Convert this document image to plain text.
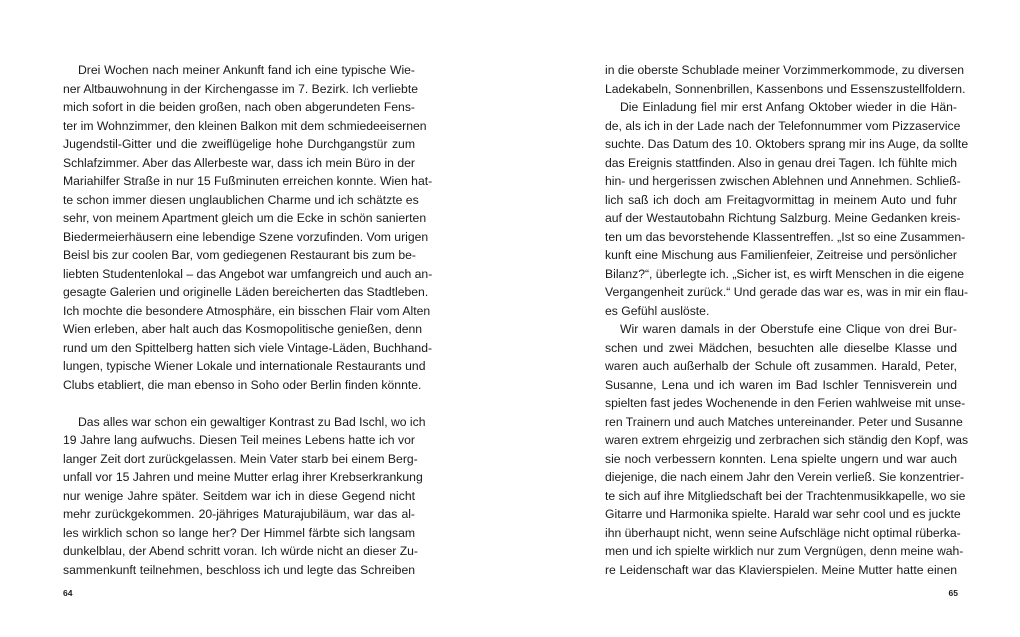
Drei Wochen nach meiner Ankunft fand ich eine typische Wie-
ner Altbauwohnung in der Kirchengasse im 7. Bezirk. Ich verliebte
mich sofort in die beiden großen, nach oben abgerundeten Fens-
ter im Wohnzimmer, den kleinen Balkon mit dem schmiedeeisernen
Jugendstil-Gitter und die zweiflügelige hohe Durchgangstür zum
Schlafzimmer. Aber das Allerbeste war, dass ich mein Büro in der
Mariahilfer Straße in nur 15 Fußminuten erreichen konnte. Wien hat-
te schon immer diesen unglaublichen Charme und ich schätzte es
sehr, von meinem Apartment gleich um die Ecke in schön sanierten
Biedermeierhäusern eine lebendige Szene vorzufinden. Vom urigen
Beisl bis zur coolen Bar, vom gediegenen Restaurant bis zum be-
liebten Studentenlokal – das Angebot war umfangreich und auch an-
gesagte Galerien und originelle Läden bereicherten das Stadtleben.
Ich mochte die besondere Atmosphäre, ein bisschen Flair vom Alten
Wien erleben, aber halt auch das Kosmopolitische genießen, denn
rund um den Spittelberg hatten sich viele Vintage-Läden, Buchhand-
lungen, typische Wiener Lokale und internationale Restaurants und
Clubs etabliert, die man ebenso in Soho oder Berlin finden könnte.
Das alles war schon ein gewaltiger Kontrast zu Bad Ischl, wo ich
19 Jahre lang aufwuchs. Diesen Teil meines Lebens hatte ich vor
langer Zeit dort zurückgelassen. Mein Vater starb bei einem Berg-
unfall vor 15 Jahren und meine Mutter erlag ihrer Krebserkrankung
nur wenige Jahre später. Seitdem war ich in diese Gegend nicht
mehr zurückgekommen. 20-jähriges Maturajubiläum, war das al-
les wirklich schon so lange her? Der Himmel färbte sich langsam
dunkelblau, der Abend schritt voran. Ich würde nicht an dieser Zu-
sammenkunft teilnehmen, beschloss ich und legte das Schreiben
64
in die oberste Schublade meiner Vorzimmerkommode, zu diversen
Ladekabeln, Sonnenbrillen, Kassenbons und Essenszustellfoldern.
Die Einladung fiel mir erst Anfang Oktober wieder in die Hän-
de, als ich in der Lade nach der Telefonnummer vom Pizzaservice
suchte. Das Datum des 10. Oktobers sprang mir ins Auge, da sollte
das Ereignis stattfinden. Also in genau drei Tagen. Ich fühlte mich
hin- und hergerissen zwischen Ablehnen und Annehmen. Schließ-
lich saß ich doch am Freitagvormittag in meinem Auto und fuhr
auf der Westautobahn Richtung Salzburg. Meine Gedanken kreis-
ten um das bevorstehende Klassentreffen. „Ist so eine Zusammen-
kunft eine Mischung aus Familienfeier, Zeitreise und persönlicher
Bilanz?“, überlegte ich. „Sicher ist, es wirft Menschen in die eigene
Vergangenheit zurück.“ Und gerade das war es, was in mir ein flau-
es Gefühl auslöste.
Wir waren damals in der Oberstufe eine Clique von drei Bur-
schen und zwei Mädchen, besuchten alle dieselbe Klasse und
waren auch außerhalb der Schule oft zusammen. Harald, Peter,
Susanne, Lena und ich waren im Bad Ischler Tennisverein und
spielten fast jedes Wochenende in den Ferien wahlweise mit unse-
ren Trainern und auch Matches untereinander. Peter und Susanne
waren extrem ehrgeizig und zerbrachen sich ständig den Kopf, was
sie noch verbessern konnten. Lena spielte ungern und war auch
diejenige, die nach einem Jahr den Verein verließ. Sie konzentrier-
te sich auf ihre Mitgliedschaft bei der Trachtenmusikkapelle, wo sie
Gitarre und Harmonika spielte. Harald war sehr cool und es juckte
ihn überhaupt nicht, wenn seine Aufschläge nicht optimal rüberka-
men und ich spielte wirklich nur zum Vergnügen, denn meine wah-
re Leidenschaft war das Klavierspielen. Meine Mutter hatte einen
65
